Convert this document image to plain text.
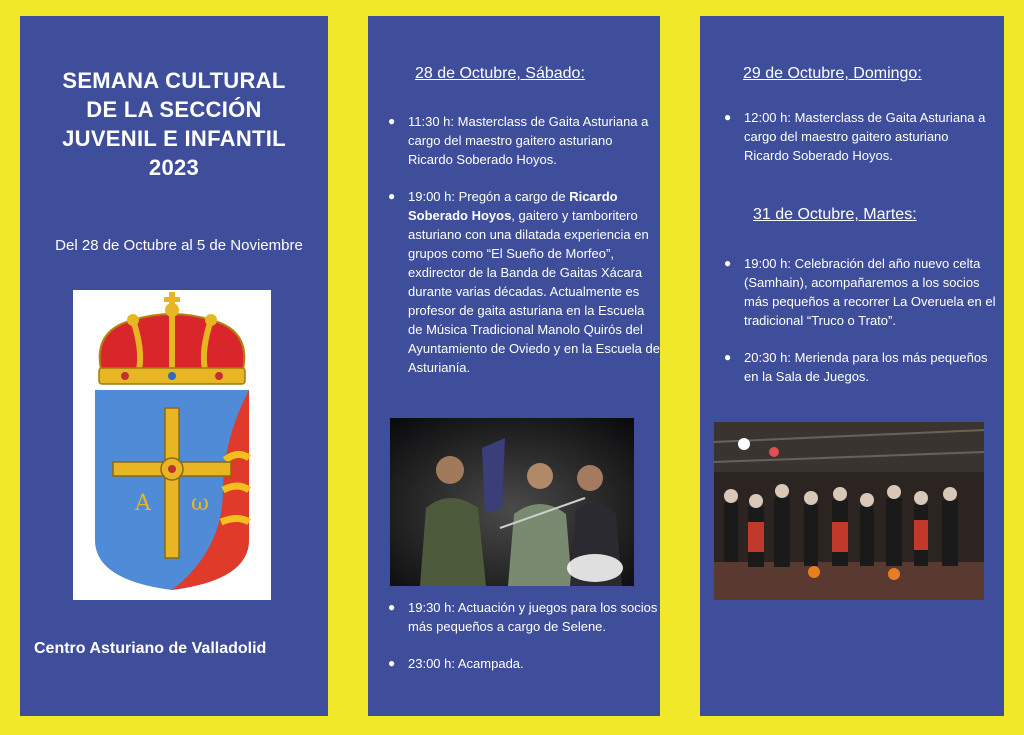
SEMANA CULTURAL
DE LA SECCIÓN
JUVENIL E INFANTIL
2023
Del 28 de Octubre al 5 de Noviembre
A ω
Centro Asturiano de Valladolid
28 de Octubre, Sábado:
● 11:30 h: Masterclass de Gaita Asturiana a cargo del maestro gaitero asturiano Ricardo Soberado Hoyos.
● 19:00 h: Pregón a cargo de Ricardo Soberado Hoyos, gaitero y tamboritero asturiano con una dilatada experiencia en grupos como “El Sueño de Morfeo”, exdirector de la Banda de Gaitas Xácara durante varias décadas. Actualmente es profesor de gaita asturiana en la Escuela de Música Tradicional Manolo Quirós del Ayuntamiento de Oviedo y en la Escuela de Asturianía.
● 19:30 h: Actuación y juegos para los socios más pequeños a cargo de Selene.
● 23:00 h: Acampada.
29 de Octubre, Domingo:
● 12:00 h: Masterclass de Gaita Asturiana a cargo del maestro gaitero asturiano Ricardo Soberado Hoyos.
31 de Octubre, Martes:
● 19:00 h: Celebración del año nuevo celta (Samhain), acompañaremos a los socios más pequeños a recorrer La Overuela en el tradicional “Truco o Trato”.
● 20:30 h: Merienda para los más pequeños en la Sala de Juegos.
